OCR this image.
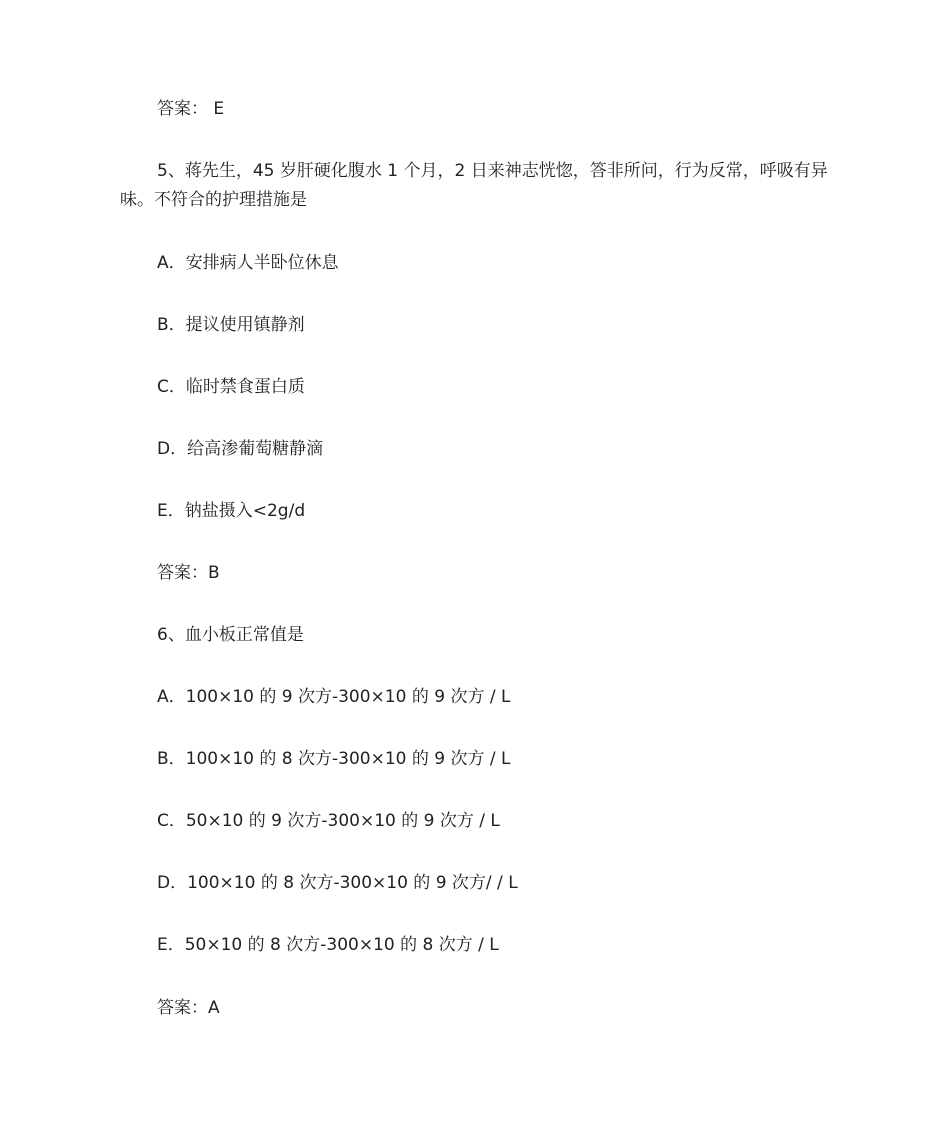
答案： E
5、蒋先生，45 岁肝硬化腹水 1 个月，2 日来神志恍惚，答非所问，行为反常，呼吸有异味。不符合的护理措施是
A．安排病人半卧位休息
B．提议使用镇静剂
C．临时禁食蛋白质
D．给高渗葡萄糖静滴
E．钠盐摄入<2g/d
答案：B
6、血小板正常值是
A．100×10 的 9 次方-300×10 的 9 次方 / L
B．100×10 的 8 次方-300×10 的 9 次方 / L
C．50×10 的 9 次方-300×10 的 9 次方 / L
D．100×10 的 8 次方-300×10 的 9 次方/ / L
E．50×10 的 8 次方-300×10 的 8 次方 / L
答案：A
